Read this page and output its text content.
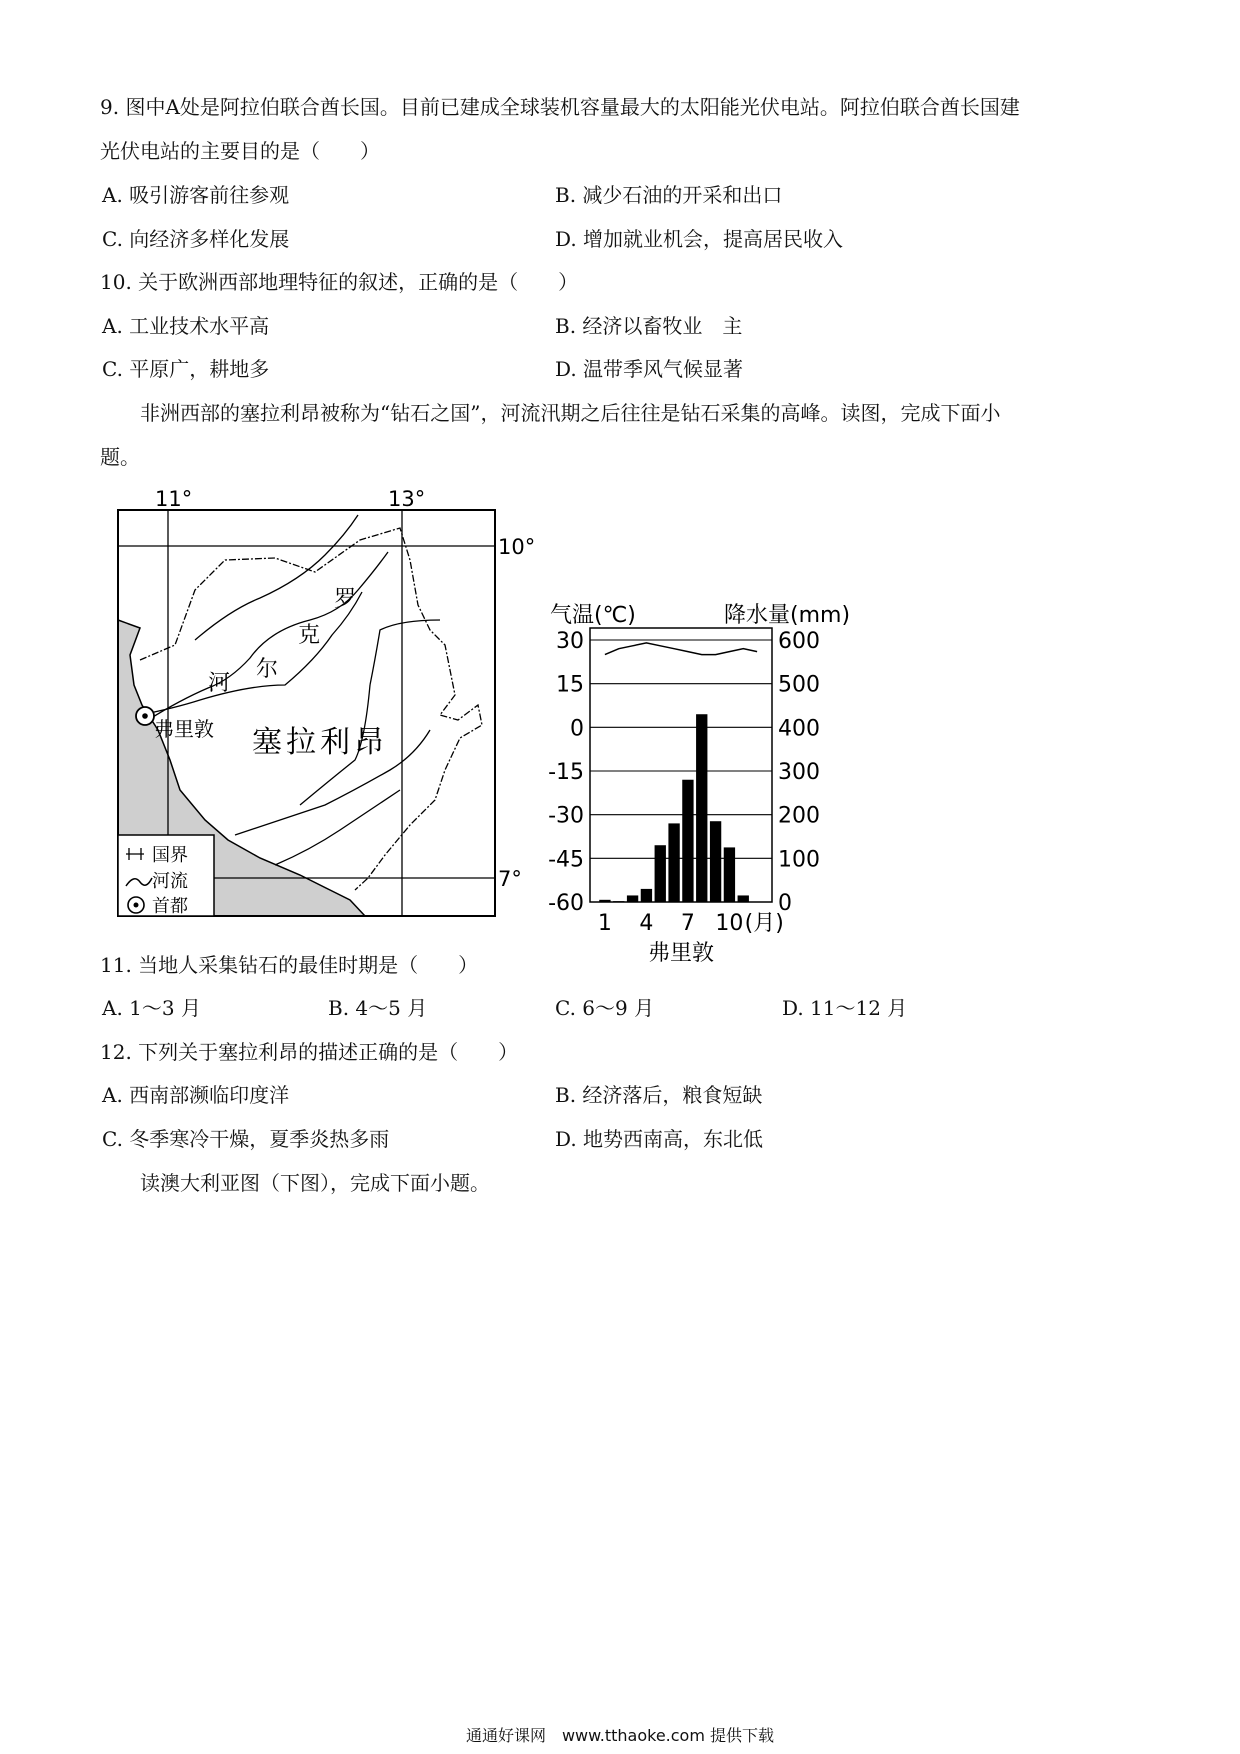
9. 图中A处是阿拉伯联合酋长国。目前已建成全球装机容量最大的太阳能光伏电站。阿拉伯联合酋长国建
光伏电站的主要目的是（　　）
A. 吸引游客前往参观	B. 减少石油的开采和出口
C. 向经济多样化发展	D. 增加就业机会，提高居民收入
10. 关于欧洲西部地理特征的叙述，正确的是（　　）
A. 工业技术水平高	B. 经济以畜牧业　主
C. 平原广，耕地多	D. 温带季风气候显著
非洲西部的塞拉利昂被称为“钻石之国”，河流汛期之后往往是钻石采集的高峰。读图，完成下面小
题。
11°	13°
10°
7°
罗
克
尔
河
弗里敦 塞拉利昂
国界
河流
首都
气温(℃)	降水量(mm)
30
15
0
-15
-30
-45
-60
600
500
400
300
200
100
0
1 4 7 10 (月)
弗里敦
11. 当地人采集钻石的最佳时期是（　　）
A. 1～3 月	B. 4～5 月	C. 6～9 月	D. 11～12 月
12. 下列关于塞拉利昂的描述正确的是（　　）
A. 西南部濒临印度洋	B. 经济落后，粮食短缺
C. 冬季寒冷干燥，夏季炎热多雨	D. 地势西南高，东北低
读澳大利亚图（下图），完成下面小题。
通通好课网　www.tthaoke.com 提供下载
